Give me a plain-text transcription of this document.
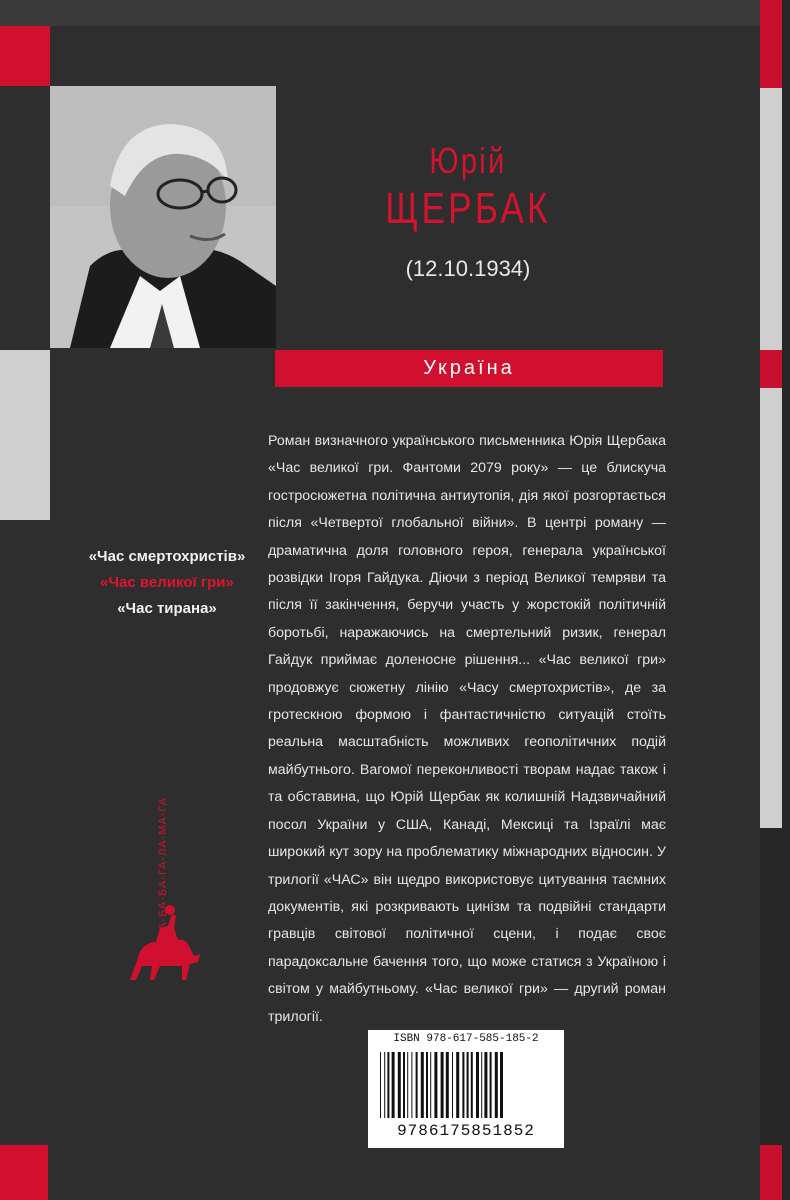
Юрій
ЩЕРБАК
(12.10.1934)
Україна
«Час смертохристів»
«Час великої гри»
«Час тирана»
Роман визначного українського письменника Юрія Щербака «Час великої гри. Фантоми 2079 року» — це блискуча гостросюжетна політична антиутопія, дія якої розгортається після «Четвертої глобальної війни». В центрі роману — драматична доля головного героя, генерала української розвідки Ігоря Гайдука. Діючи з період Великої темряви та після її закінчення, беручи участь у жорстокій політичній боротьбі, наражаючись на смертельний ризик, генерал Гайдук приймає доленосне рішення... «Час великої гри» продовжує сюжетну лінію «Часу смертохристів», де за гротескною формою і фантастичністю ситуацій стоїть реальна масштабність можливих геополітичних подій майбутнього. Вагомої переконливості творам надає також і та обставина, що Юрій Щербак як колишній Надзвичайний посол України у США, Канаді, Мексиці та Ізраїлі має широкий кут зору на проблематику міжнародних відносин. У трилогії «ЧАС» він щедро використовує цитування таємних документів, які розкривають цинізм та подвійні стандарти гравців світової політичної сцени, і подає своє парадоксальне бачення того, що може статися з Україною і світом у майбутньому. «Час великої гри» — другий роман трилогії.
А-БА-БА-ГА-ЛА-МА-ГА
ISBN 978-617-585-185-2
9786175851852
